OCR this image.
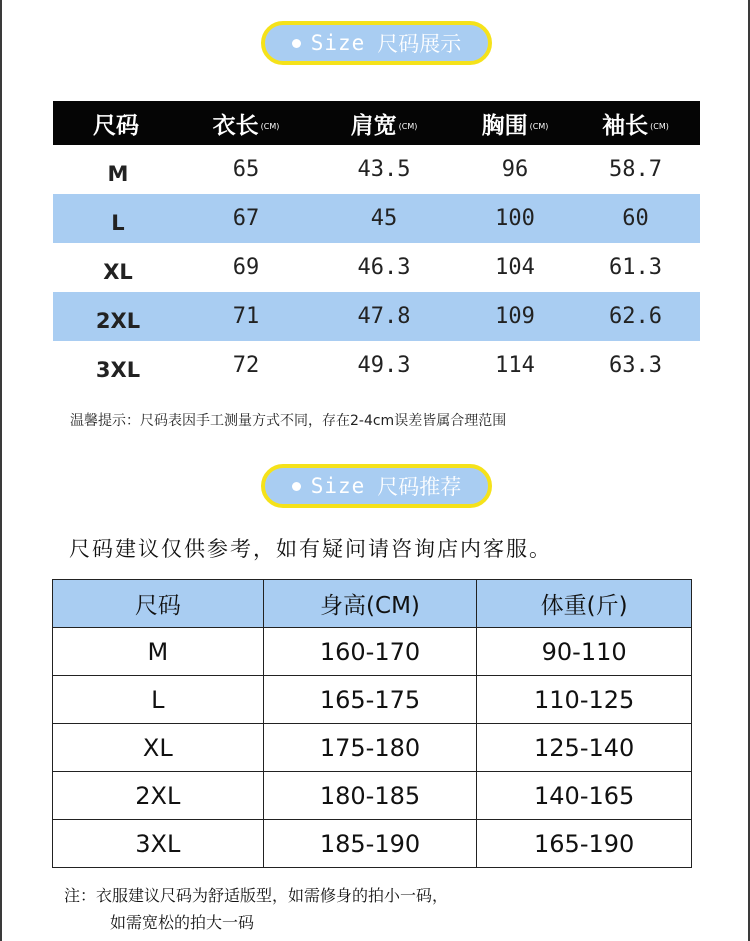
Size 尺码展示
尺码	衣长 (CM)	肩宽 (CM)	胸围 (CM) 袖长 (CM)
M	65	43.5	96	58.7
L	67	45	100	60
XL	69	46.3	104	61.3
2XL	71	47.8	109	62.6
3XL	72	49.3	114	63.3
温馨提示：尺码表因手工测量方式不同，存在2-4cm误差皆属合理范围
Size 尺码推荐
尺码建议仅供参考，如有疑问请咨询店内客服。
尺码	身高(CM)	体重(斤)
M	160-170	90-110
L	165-175	110-125
XL	175-180	125-140
2XL	180-185	140-165
3XL	185-190	165-190
注：衣服建议尺码为舒适版型，如需修身的拍小一码，
如需宽松的拍大一码
